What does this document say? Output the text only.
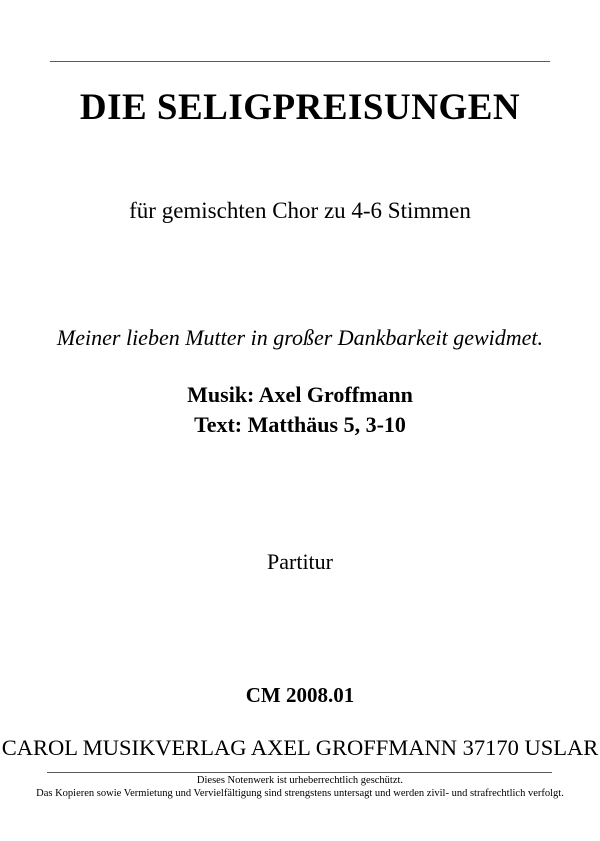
DIE SELIGPREISUNGEN
für gemischten Chor zu 4-6 Stimmen
Meiner lieben Mutter in großer Dankbarkeit gewidmet.
Musik: Axel Groffmann
Text: Matthäus 5, 3-10
Partitur
CM 2008.01
CAROL MUSIKVERLAG AXEL GROFFMANN 37170 USLAR
Dieses Notenwerk ist urheberrechtlich geschützt.
Das Kopieren sowie Vermietung und Vervielfältigung sind strengstens untersagt und werden zivil- und strafrechtlich verfolgt.
